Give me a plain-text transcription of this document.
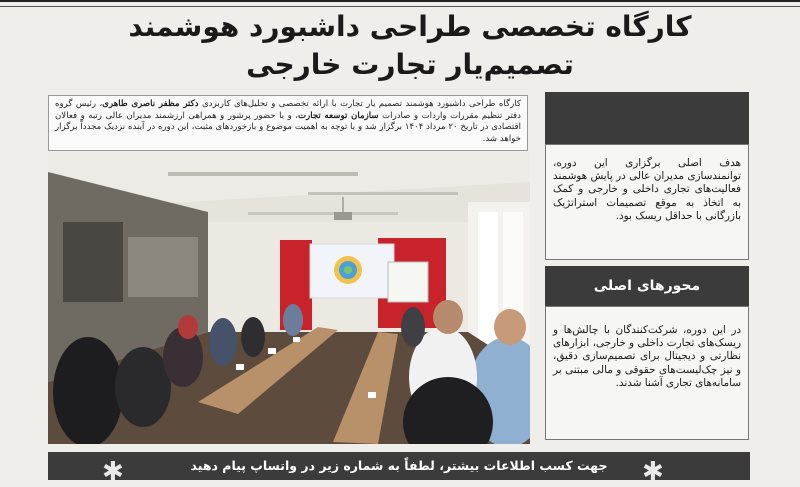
کارگاه تخصصی طراحی داشبورد هوشمند
تصمیم‌یار تجارت خارجی
کارگاه طراحی داشبورد هوشمند تصمیم یار تجارت با ارائه تخصصی و تحلیل‌های کاربردی دکتر مظفر ناصری طاهری، رئیس گروه دفتر تنظیم مقررات واردات و صادرات سازمان توسعه تجارت، و با حضور پرشور و همراهی ارزشمند مدیران عالی رتبه و فعالان اقتصادی در تاریخ ۲۰ مرداد ۱۴۰۴ برگزار شد و با توجه به اهمیت موضوع و بازخوردهای مثبت، این دوره در آینده نزدیک مجدداً برگزار خواهد شد.
هدف اصلی برگزاری این دوره، توانمندسازی مدیران عالی در پایش هوشمند فعالیت‌های تجاری داخلی و خارجی و کمک به اتخاذ به موقع تصمیمات استراتژیک بازرگانی با حداقل ریسک بود.
محورهای اصلی
در این دوره، شرکت‌کنندگان با چالش‌ها و ریسک‌های تجارت داخلی و خارجی، ابزارهای نظارتی و دیجیتال برای تصمیم‌سازی دقیق، و نیز چک‌لیست‌های حقوقی و مالی مبتنی بر سامانه‌های تجاری آشنا شدند.
جهت کسب اطلاعات بیشتر، لطفاً به شماره زیر در واتساپ پیام دهید
✱	✱
